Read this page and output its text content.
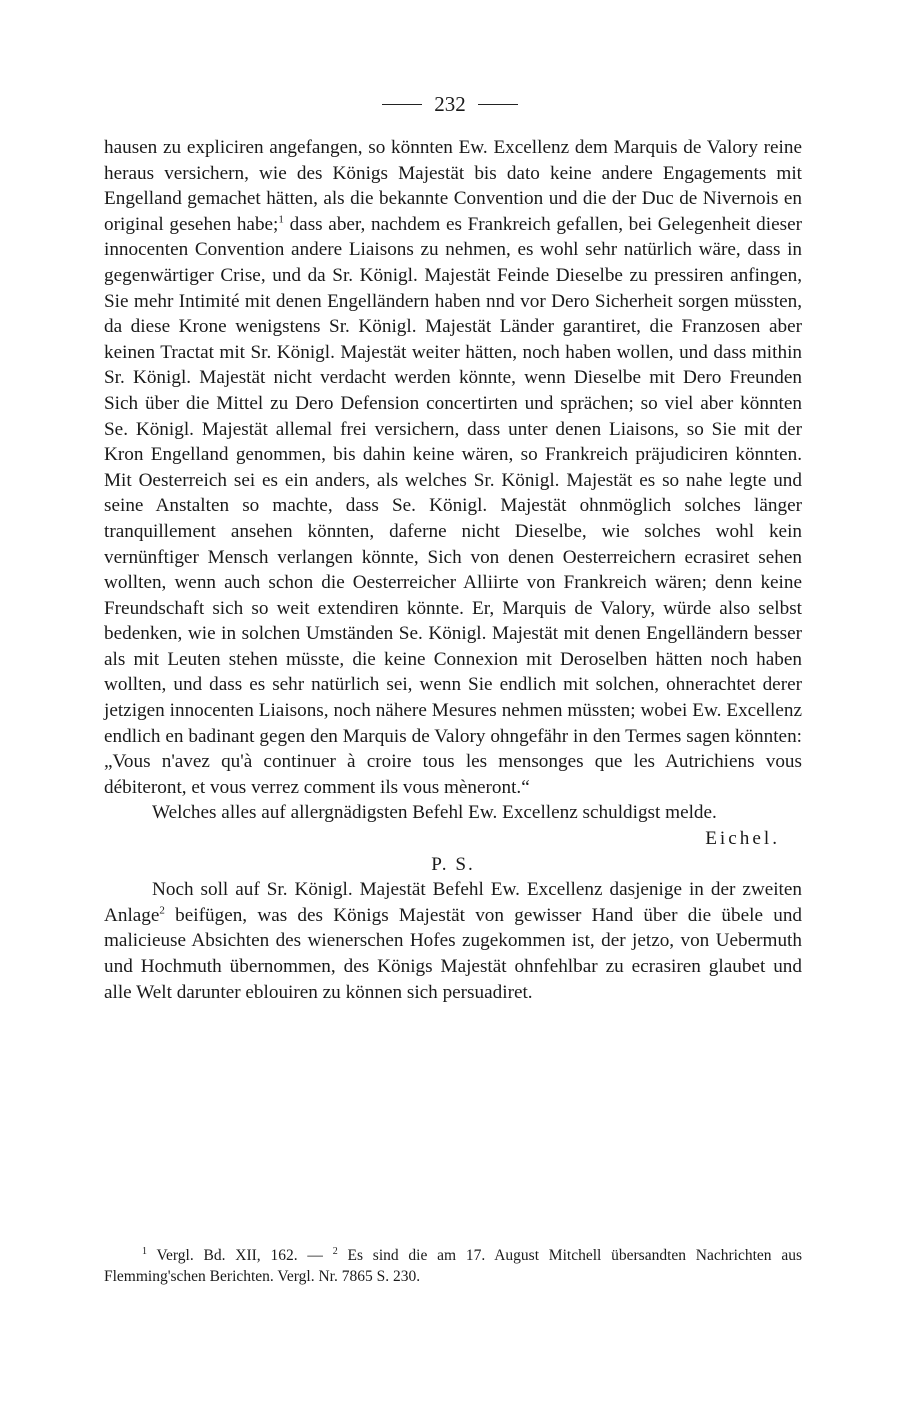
232

hausen zu expliciren angefangen, so könnten Ew. Excellenz dem Marquis de Valory reine heraus versichern, wie des Königs Majestät bis dato keine andere Engagements mit Engelland gemachet hätten, als die bekannte Convention und die der Duc de Nivernois en original gesehen habe;$^1$ dass aber, nachdem es Frankreich gefallen, bei Gelegenheit dieser innocenten Convention andere Liaisons zu nehmen, es wohl sehr natürlich wäre, dass in gegenwärtiger Crise, und da Sr. Königl. Majestät Feinde Dieselbe zu pressiren anfingen, Sie mehr Intimité mit denen Engelländern haben nnd vor Dero Sicherheit sorgen müssten, da diese Krone wenigstens Sr. Königl. Majestät Länder garantiret, die Franzosen aber keinen Tractat mit Sr. Königl. Majestät weiter hätten, noch haben wollen, und dass mithin Sr. Königl. Majestät nicht verdacht werden könnte, wenn Dieselbe mit Dero Freunden Sich über die Mittel zu Dero Defension concertirten und sprächen; so viel aber könnten Se. Königl. Majestät allemal frei versichern, dass unter denen Liaisons, so Sie mit der Kron Engelland genommen, bis dahin keine wären, so Frankreich präjudiciren könnten. Mit Oesterreich sei es ein anders, als welches Sr. Königl. Majestät es so nahe legte und seine Anstalten so machte, dass Se. Königl. Majestät ohnmöglich solches länger tranquillement ansehen könnten, daferne nicht Dieselbe, wie solches wohl kein vernünftiger Mensch verlangen könnte, Sich von denen Oesterreichern ecrasiret sehen wollten, wenn auch schon die Oesterreicher Alliirte von Frankreich wären; denn keine Freundschaft sich so weit extendiren könnte. Er, Marquis de Valory, würde also selbst bedenken, wie in solchen Umständen Se. Königl. Majestät mit denen Engelländern besser als mit Leuten stehen müsste, die keine Connexion mit Deroselben hätten noch haben wollten, und dass es sehr natürlich sei, wenn Sie endlich mit solchen, ohnerachtet derer jetzigen innocenten Liaisons, noch nähere Mesures nehmen müssten; wobei Ew. Excellenz endlich en badinant gegen den Marquis de Valory ohngefähr in den Termes sagen könnten: „Vous n'avez qu'à continuer à croire tous les mensonges que les Autrichiens vous débiteront, et vous verrez comment ils vous mèneront.“

Welches alles auf allergnädigsten Befehl Ew. Excellenz schuldigst melde.

Eichel.

P. S.

Noch soll auf Sr. Königl. Majestät Befehl Ew. Excellenz dasjenige in der zweiten Anlage$^2$ beifügen, was des Königs Majestät von gewisser Hand über die übele und malicieuse Absichten des wienerschen Hofes zugekommen ist, der jetzo, von Uebermuth und Hochmuth übernommen, des Königs Majestät ohnfehlbar zu ecrasiren glaubet und alle Welt darunter eblouiren zu können sich persuadiret.

$^1$ Vergl. Bd. XII, 162. — $^2$ Es sind die am 17. August Mitchell übersandten Nachrichten aus Flemming'schen Berichten. Vergl. Nr. 7865 S. 230.
